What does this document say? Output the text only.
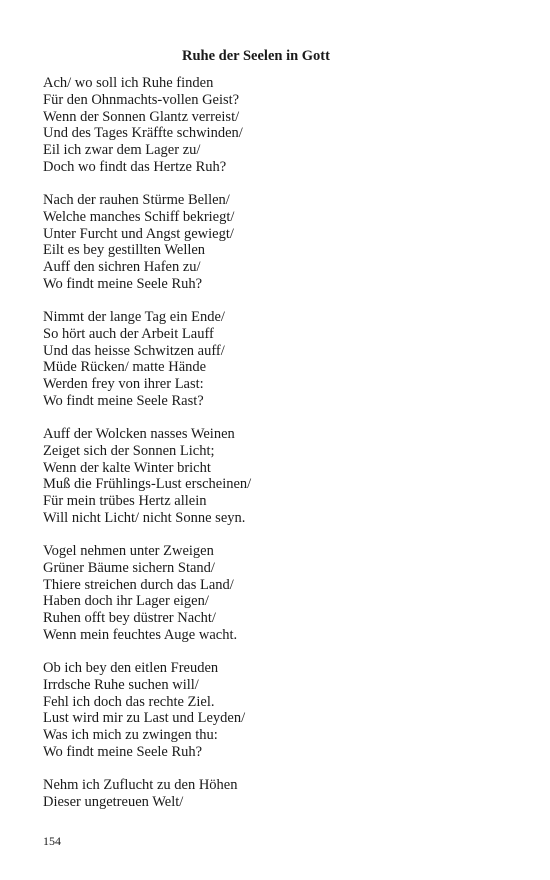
Ruhe der Seelen in Gott
Ach/ wo soll ich Ruhe finden
Für den Ohnmachts-vollen Geist?
Wenn der Sonnen Glantz verreist/
Und des Tages Kräffte schwinden/
Eil ich zwar dem Lager zu/
Doch wo findt das Hertze Ruh?
Nach der rauhen Stürme Bellen/
Welche manches Schiff bekriegt/
Unter Furcht und Angst gewiegt/
Eilt es bey gestillten Wellen
Auff den sichren Hafen zu/
Wo findt meine Seele Ruh?
Nimmt der lange Tag ein Ende/
So hört auch der Arbeit Lauff
Und das heisse Schwitzen auff/
Müde Rücken/ matte Hände
Werden frey von ihrer Last:
Wo findt meine Seele Rast?
Auff der Wolcken nasses Weinen
Zeiget sich der Sonnen Licht;
Wenn der kalte Winter bricht
Muß die Frühlings-Lust erscheinen/
Für mein trübes Hertz allein
Will nicht Licht/ nicht Sonne seyn.
Vogel nehmen unter Zweigen
Grüner Bäume sichern Stand/
Thiere streichen durch das Land/
Haben doch ihr Lager eigen/
Ruhen offt bey düstrer Nacht/
Wenn mein feuchtes Auge wacht.
Ob ich bey den eitlen Freuden
Irrdsche Ruhe suchen will/
Fehl ich doch das rechte Ziel.
Lust wird mir zu Last und Leyden/
Was ich mich zu zwingen thu:
Wo findt meine Seele Ruh?
Nehm ich Zuflucht zu den Höhen
Dieser ungetreuen Welt/
154
